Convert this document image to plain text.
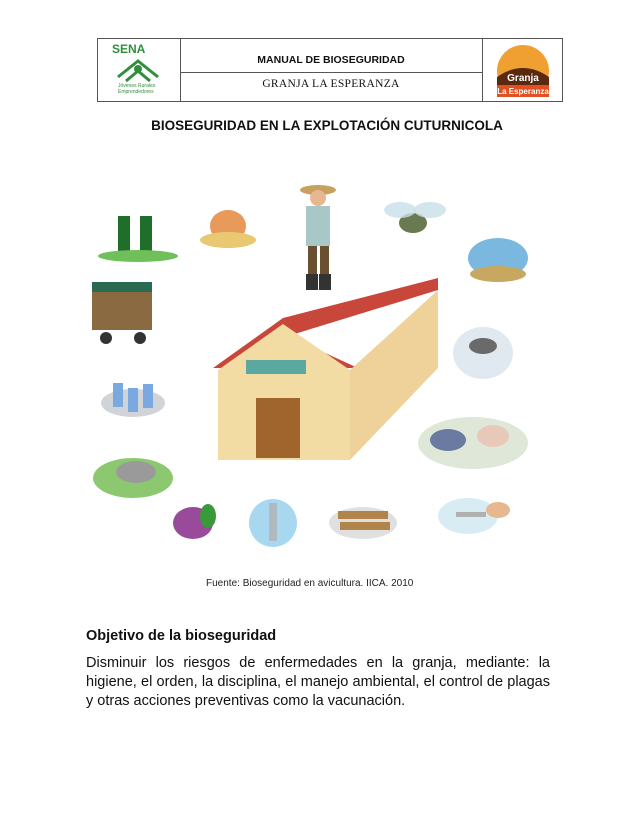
SENA
Jóvenes Rurales
Emprendedores
MANUAL DE BIOSEGURIDAD
GRANJA LA ESPERANZA	Granja
La Esperanza
BIOSEGURIDAD EN LA EXPLOTACIÓN CUTURNICOLA
Fuente: Bioseguridad en avicultura. IICA. 2010
Objetivo de la bioseguridad
Disminuir los riesgos de enfermedades en la granja, mediante: la higiene, el orden, la disciplina, el manejo ambiental, el control de plagas y otras acciones preventivas como la vacunación.
